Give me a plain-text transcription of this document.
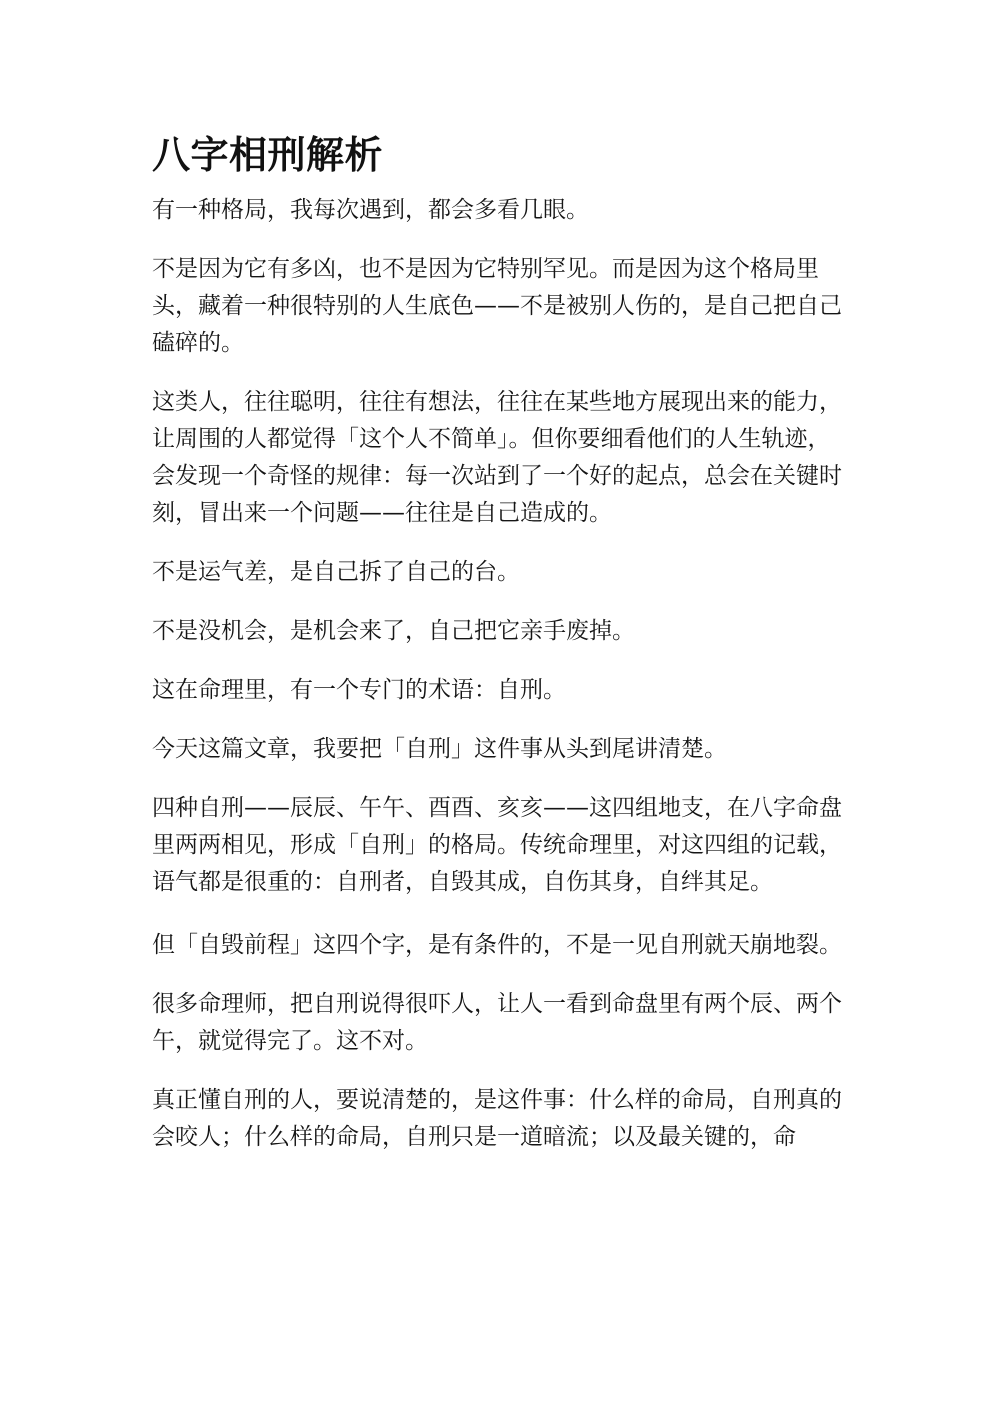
八字相刑解析

有一种格局，我每次遇到，都会多看几眼。

不是因为它有多凶，也不是因为它特别罕见。而是因为这个格局里头，藏着一种很特别的人生底色——不是被别人伤的，是自己把自己磕碎的。

这类人，往往聪明，往往有想法，往往在某些地方展现出来的能力，让周围的人都觉得「这个人不简单」。但你要细看他们的人生轨迹，会发现一个奇怪的规律：每一次站到了一个好的起点，总会在关键时刻，冒出来一个问题——往往是自己造成的。

不是运气差，是自己拆了自己的台。

不是没机会，是机会来了，自己把它亲手废掉。

这在命理里，有一个专门的术语：自刑。

今天这篇文章，我要把「自刑」这件事从头到尾讲清楚。

四种自刑——辰辰、午午、酉酉、亥亥——这四组地支，在八字命盘里两两相见，形成「自刑」的格局。传统命理里，对这四组的记载，语气都是很重的：自刑者，自毁其成，自伤其身，自绊其足。

但「自毁前程」这四个字，是有条件的，不是一见自刑就天崩地裂。

很多命理师，把自刑说得很吓人，让人一看到命盘里有两个辰、两个午，就觉得完了。这不对。

真正懂自刑的人，要说清楚的，是这件事：什么样的命局，自刑真的会咬人；什么样的命局，自刑只是一道暗流；以及最关键的，命
